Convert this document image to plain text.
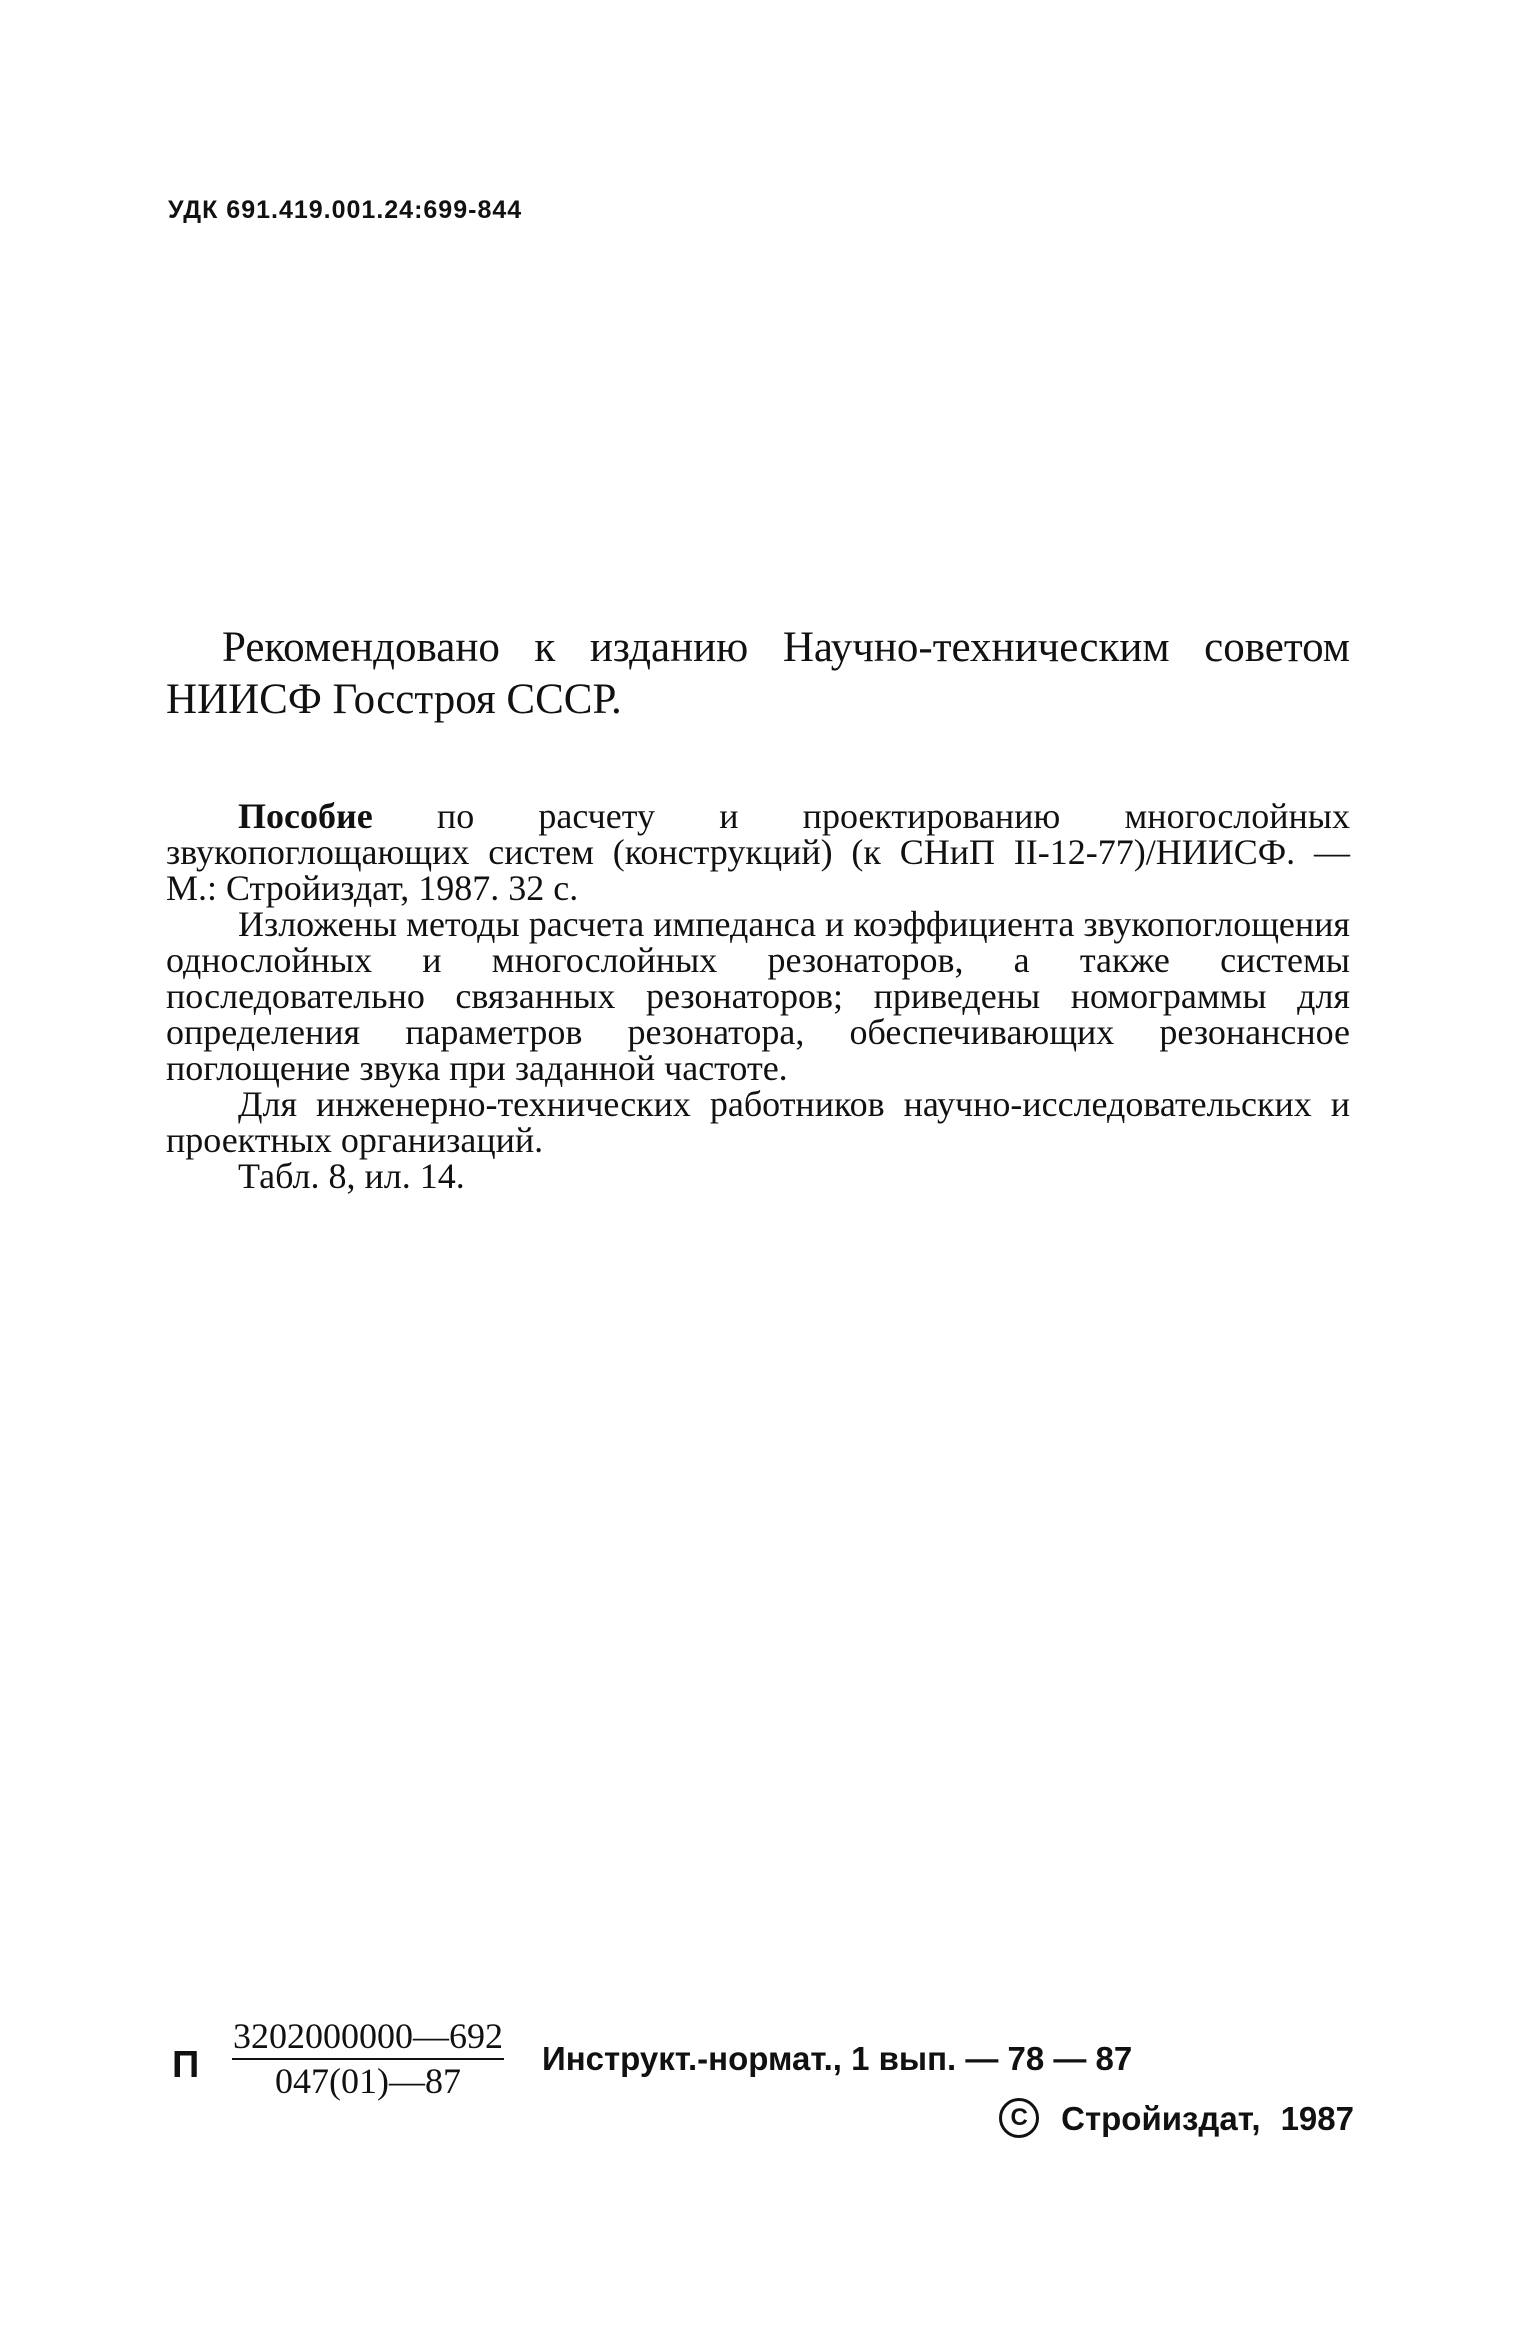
УДК 691.419.001.24:699-844
Рекомендовано к изданию Научно-техническим советом НИИСФ Госстроя СССР.

Пособие по расчету и проектированию многослойных звукопоглощающих систем (конструкций) (к СНиП II-12-77)/НИИСФ. — М.: Стройиздат, 1987. 32 с.

Изложены методы расчета импеданса и коэффициента звукопоглощения однослойных и многослойных резонаторов, а также системы последовательно связанных резонаторов; приведены номограммы для определения параметров резонатора, обеспечивающих резонансное поглощение звука при заданной частоте.

Для инженерно-технических работников научно-исследовательских и проектных организаций.

Табл. 8, ил. 14.

П $\frac{3202000000—692}{047(01)—87}$ Инструкт.-нормат., 1 вып. — 78 — 87
C Стройиздат, 1987
